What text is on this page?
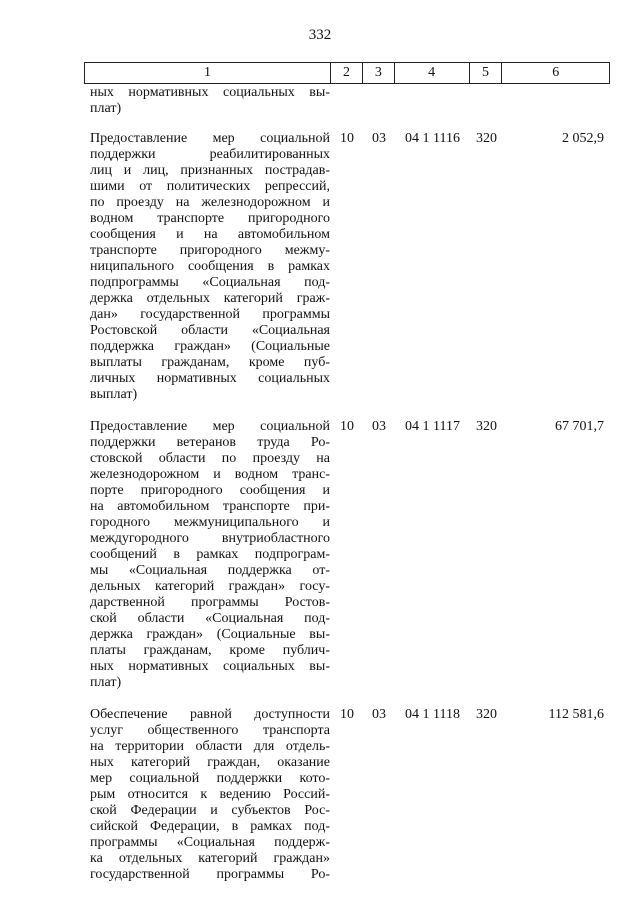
332
1	2	3	4	5	6
ных нормативных социальных вы-
плат)
Предоставление мер социальной
поддержки реабилитированных
лиц и лиц, признанных пострадав-
шими от политических репрессий,
по проезду на железнодорожном и
водном транспорте пригородного
сообщения и на автомобильном
транспорте пригородного межму-
ниципального сообщения в рамках
подпрограммы «Социальная под-
держка отдельных категорий граж-
дан» государственной программы
Ростовской области «Социальная
поддержка граждан» (Социальные
выплаты гражданам, кроме пуб-
личных нормативных социальных
выплат)
10	03	04 1 1116	320	2 052,9
Предоставление мер социальной
поддержки ветеранов труда Ро-
стовской области по проезду на
железнодорожном и водном транс-
порте пригородного сообщения и
на автомобильном транспорте при-
городного межмуниципального и
междугородного внутриобластного
сообщений в рамках подпрограм-
мы «Социальная поддержка от-
дельных категорий граждан» госу-
дарственной программы Ростов-
ской области «Социальная под-
держка граждан» (Социальные вы-
платы гражданам, кроме публич-
ных нормативных социальных вы-
плат)
10	03	04 1 1117	320	67 701,7
Обеспечение равной доступности
услуг общественного транспорта
на территории области для отдель-
ных категорий граждан, оказание
мер социальной поддержки кото-
рым относится к ведению Россий-
ской Федерации и субъектов Рос-
сийской Федерации, в рамках под-
программы «Социальная поддерж-
ка отдельных категорий граждан»
государственной программы Ро-
10	03	04 1 1118	320	112 581,6
